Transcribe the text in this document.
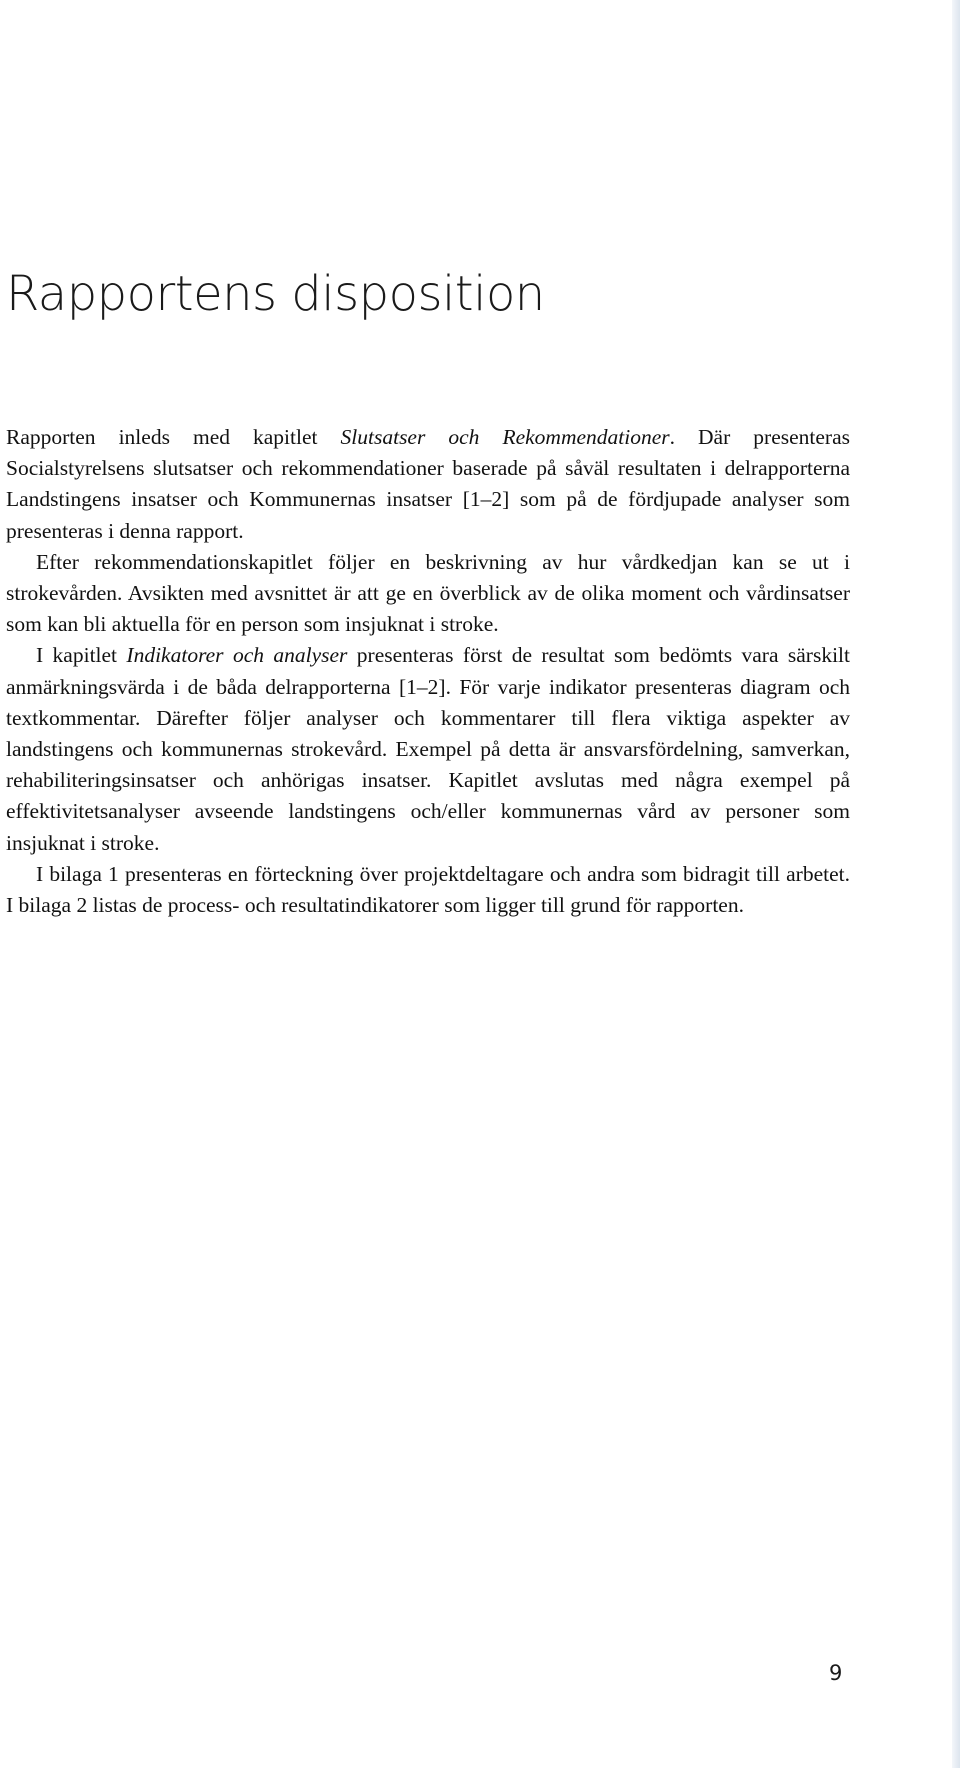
Rapportens disposition

Rapporten inleds med kapitlet Slutsatser och Rekommendationer. Där presenteras Socialstyrelsens slutsatser och rekommendationer baserade på såväl resultaten i delrapporterna Landstingens insatser och Kommunernas insatser [1–2] som på de fördjupade analyser som presenteras i denna rapport.

Efter rekommendationskapitlet följer en beskrivning av hur vårdkedjan kan se ut i strokevården. Avsikten med avsnittet är att ge en överblick av de olika moment och vårdinsatser som kan bli aktuella för en person som insjuknat i stroke.

I kapitlet Indikatorer och analyser presenteras först de resultat som bedömts vara särskilt anmärkningsvärda i de båda delrapporterna [1–2]. För varje indikator presenteras diagram och textkommentar. Därefter följer analyser och kommentarer till flera viktiga aspekter av landstingens och kommunernas strokevård. Exempel på detta är ansvarsfördelning, samverkan, rehabiliteringsinsatser och anhörigas insatser. Kapitlet avslutas med några exempel på effektivitetsanalyser avseende landstingens och/eller kommunernas vård av personer som insjuknat i stroke.

I bilaga 1 presenteras en förteckning över projektdeltagare och andra som bidragit till arbetet. I bilaga 2 listas de process- och resultatindikatorer som ligger till grund för rapporten.

9
